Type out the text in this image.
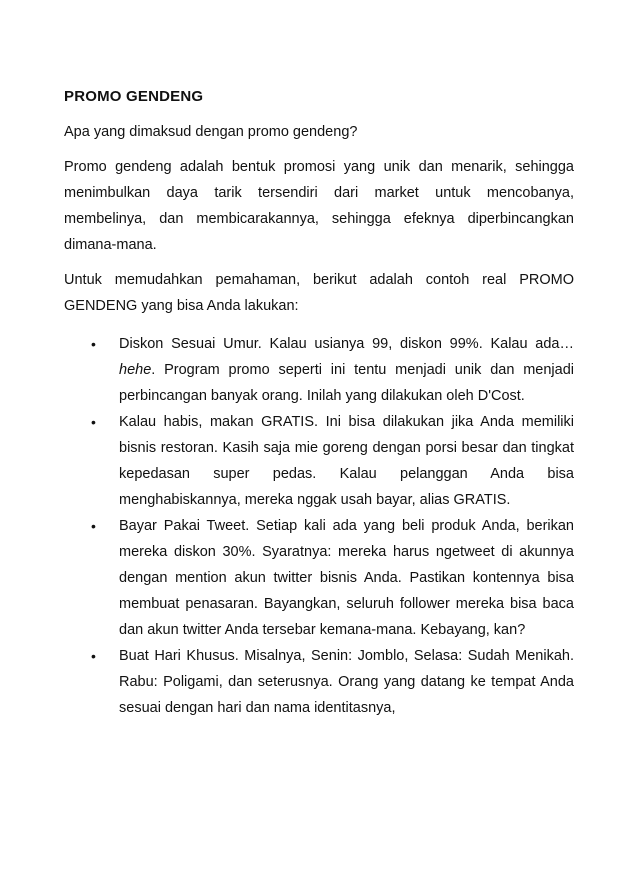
PROMO GENDENG

Apa yang dimaksud dengan promo gendeng?

Promo gendeng adalah bentuk promosi yang unik dan menarik, sehingga menimbulkan daya tarik tersendiri dari market untuk mencobanya, membelinya, dan membicarakannya, sehingga efeknya diperbincangkan dimana-mana.

Untuk memudahkan pemahaman, berikut adalah contoh real PROMO GENDENG yang bisa Anda lakukan:

• Diskon Sesuai Umur. Kalau usianya 99, diskon 99%. Kalau ada… hehe. Program promo seperti ini tentu menjadi unik dan menjadi perbincangan banyak orang. Inilah yang dilakukan oleh D'Cost.
• Kalau habis, makan GRATIS. Ini bisa dilakukan jika Anda memiliki bisnis restoran. Kasih saja mie goreng dengan porsi besar dan tingkat kepedasan super pedas. Kalau pelanggan Anda bisa menghabiskannya, mereka nggak usah bayar, alias GRATIS.
• Bayar Pakai Tweet. Setiap kali ada yang beli produk Anda, berikan mereka diskon 30%. Syaratnya: mereka harus ngetweet di akunnya dengan mention akun twitter bisnis Anda. Pastikan kontennya bisa membuat penasaran. Bayangkan, seluruh follower mereka bisa baca dan akun twitter Anda tersebar kemana-mana. Kebayang, kan?
• Buat Hari Khusus. Misalnya, Senin: Jomblo, Selasa: Sudah Menikah. Rabu: Poligami, dan seterusnya. Orang yang datang ke tempat Anda sesuai dengan hari dan nama identitasnya,
